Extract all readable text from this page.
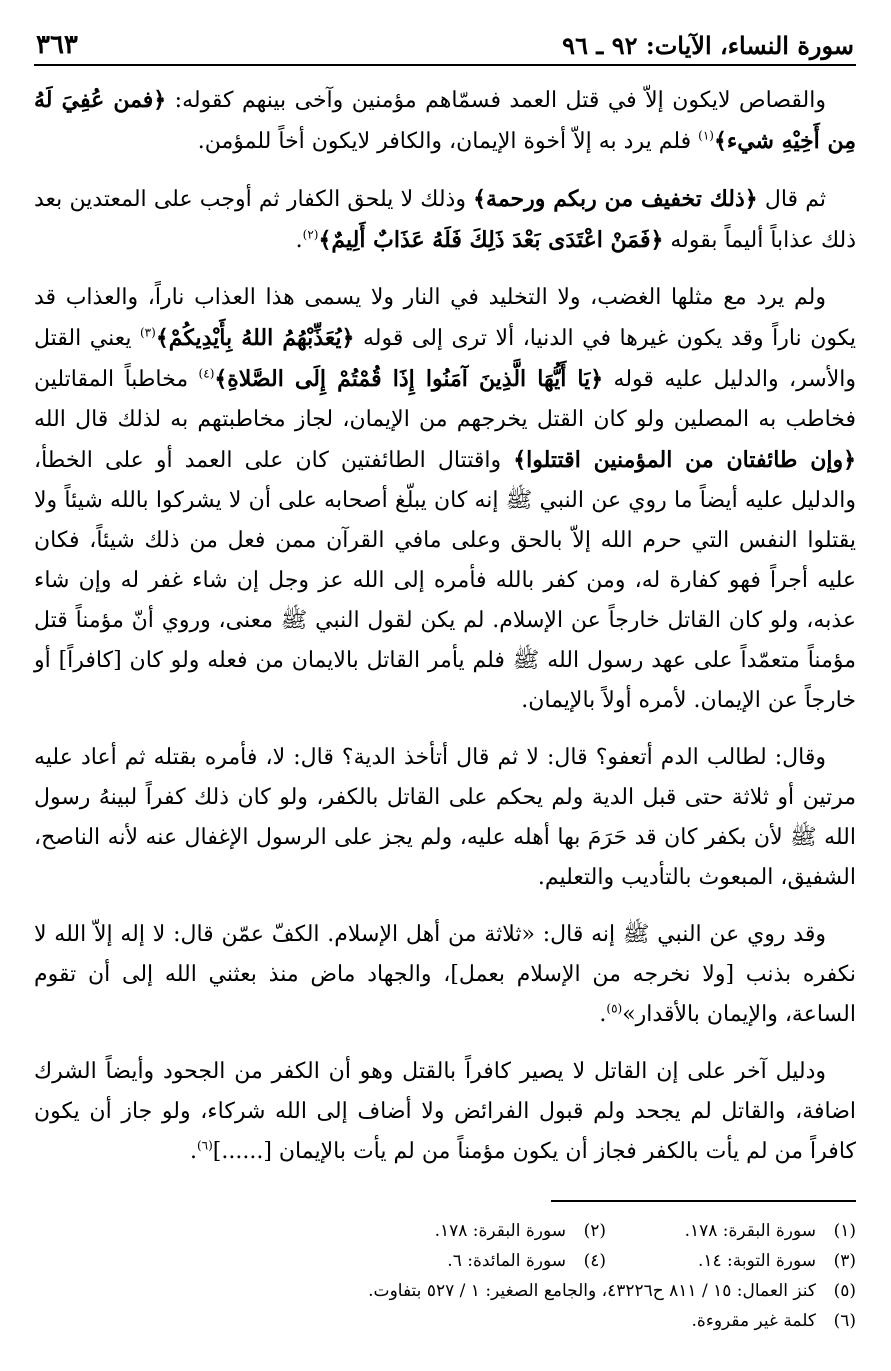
سورة النساء، الآيات: ٩٢ ـ ٩٦
٣٦٣

والقصاص لايكون إلاّ في قتل العمد فسمّاهم مؤمنين وآخى بينهم كقوله: ﴿فمن عُفِيَ لَهُ مِن أَخِيْهِ شيء﴾$^{(١)}$ فلم يرد به إلاّ أخوة الإيمان، والكافر لايكون أخاً للمؤمن.

ثم قال ﴿ذلك تخفيف من ربكم ورحمة﴾ وذلك لا يلحق الكفار ثم أوجب على المعتدين بعد ذلك عذاباً أليماً بقوله ﴿فَمَنْ اعْتَدَى بَعْدَ ذَلِكَ فَلَهُ عَذَابٌ أَلِيمٌ﴾$^{(٢)}$.

ولم يرد مع مثلها الغضب، ولا التخليد في النار ولا يسمى هذا العذاب ناراً، والعذاب قد يكون ناراً وقد يكون غيرها في الدنيا، ألا ترى إلى قوله ﴿يُعَذِّبْهُمُ اللهُ بِأَيْدِيكُمْ﴾$^{(٣)}$ يعني القتل والأسر، والدليل عليه قوله ﴿يَا أَيُّهَا الَّذِينَ آمَنُوا إِذَا قُمْتُمْ إِلَى الصَّلاةِ﴾$^{(٤)}$ مخاطباً المقاتلين فخاطب به المصلين ولو كان القتل يخرجهم من الإيمان، لجاز مخاطبتهم به لذلك قال الله ﴿وإن طائفتان من المؤمنين اقتتلوا﴾ واقتتال الطائفتين كان على العمد أو على الخطأ، والدليل عليه أيضاً ما روي عن النبي ﷺ إنه كان يبلّغ أصحابه على أن لا يشركوا بالله شيئاً ولا يقتلوا النفس التي حرم الله إلاّ بالحق وعلى مافي القرآن ممن فعل من ذلك شيئاً، فكان عليه أجراً فهو كفارة له، ومن كفر بالله فأمره إلى الله عز وجل إن شاء غفر له وإن شاء عذبه، ولو كان القاتل خارجاً عن الإسلام. لم يكن لقول النبي ﷺ معنى، وروي أنّ مؤمناً قتل مؤمناً متعمّداً على عهد رسول الله ﷺ فلم يأمر القاتل بالايمان من فعله ولو كان [كافراً] أو خارجاً عن الإيمان. لأمره أولاً بالإيمان.

وقال: لطالب الدم أتعفو؟ قال: لا ثم قال أتأخذ الدية؟ قال: لا، فأمره بقتله ثم أعاد عليه مرتين أو ثلاثة حتى قبل الدية ولم يحكم على القاتل بالكفر، ولو كان ذلك كفراً لبينهُ رسول الله ﷺ لأن بكفر كان قد حَرَمَ بها أهله عليه، ولم يجز على الرسول الإغفال عنه لأنه الناصح، الشفيق، المبعوث بالتأديب والتعليم.

وقد روي عن النبي ﷺ إنه قال: «ثلاثة من أهل الإسلام. الكفّ عمّن قال: لا إله إلاّ الله لا نكفره بذنب [ولا نخرجه من الإسلام بعمل]، والجهاد ماض منذ بعثني الله إلى أن تقوم الساعة، والإيمان بالأقدار»$^{(٥)}$.

ودليل آخر على إن القاتل لا يصير كافراً بالقتل وهو أن الكفر من الجحود وأيضاً الشرك اضافة، والقاتل لم يجحد ولم قبول الفرائض ولا أضاف إلى الله شركاء، ولو جاز أن يكون كافراً من لم يأت بالكفر فجاز أن يكون مؤمناً من لم يأت بالإيمان [......]$^{(٦)}$.

(١)
سورة البقرة: ١٧٨.
(٢)
سورة البقرة: ١٧٨.
(٣)
سورة التوبة: ١٤.
(٤)
سورة المائدة: ٦.
(٥)
كنز العمال: ١٥ / ٨١١ ح٤٣٢٢٦، والجامع الصغير: ١ / ٥٢٧ بتفاوت.
(٦)
كلمة غير مقروءة.
